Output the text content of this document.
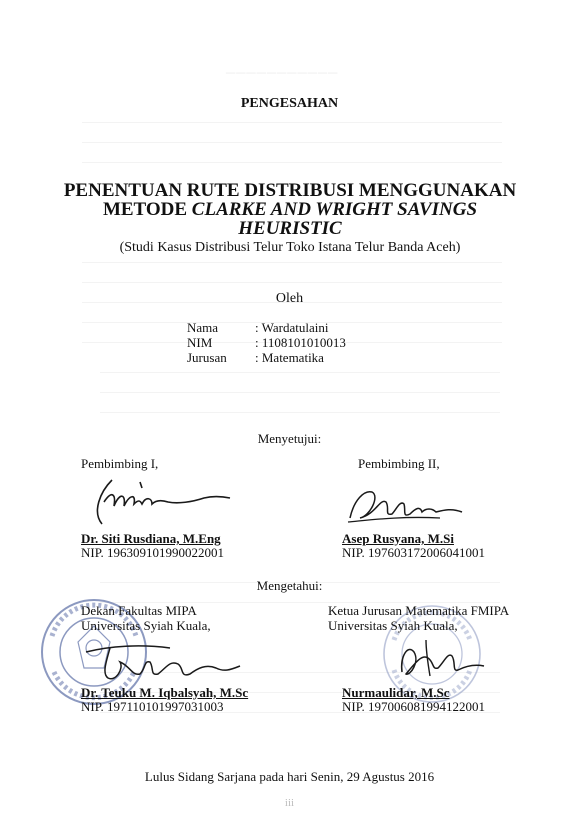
───────────
PENGESAHAN
PENENTUAN RUTE DISTRIBUSI MENGGUNAKAN
METODE CLARKE AND WRIGHT SAVINGS
HEURISTIC
(Studi Kasus Distribusi Telur Toko Istana Telur Banda Aceh)
Oleh
Nama	: Wardatulaini
NIM	: 1108101010013
Jurusan : Matematika
Menyetujui:
Pembimbing I,
Dr. Siti Rusdiana, M.Eng
NIP. 196309101990022001
Pembimbing II,
Asep Rusyana, M.Si
NIP. 197603172006041001
Mengetahui:
Dekan Fakultas MIPA
Universitas Syiah Kuala,
Dr. Teuku M. Iqbalsyah, M.Sc
NIP. 197110101997031003
Ketua Jurusan Matematika FMIPA
Universitas Syiah Kuala,
Nurmaulidar, M.Sc
NIP. 197006081994122001
Lulus Sidang Sarjana pada hari Senin, 29 Agustus 2016
iii
